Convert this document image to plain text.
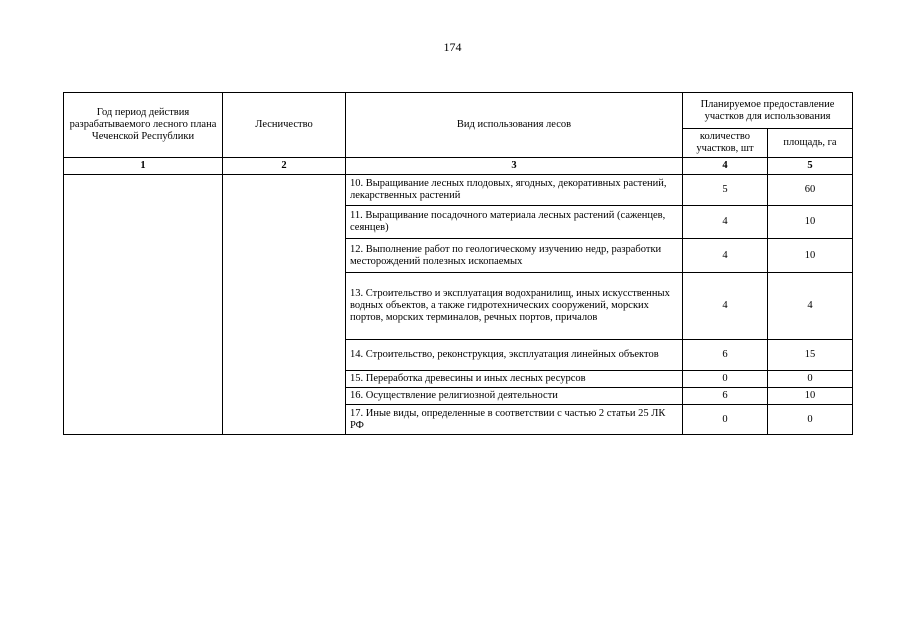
174
Год период действия разрабатываемого лесного плана Чеченской Республики	Лесничество	Вид использования лесов	Планируемое предоставление участков для использования	
			количество участков, шт	площадь, га
1	2	3	4	5
		10. Выращивание лесных плодовых, ягодных, декоративных растений, лекарственных растений	5	60
		11. Выращивание посадочного материала лесных растений (саженцев, сеянцев)	4	10
		12. Выполнение работ по геологическому изучению недр, разработки месторождений полезных ископаемых	4	10
		13. Строительство и эксплуатация водохранилищ, иных искусственных водных объектов, а также гидротехнических сооружений, морских портов, морских терминалов, речных портов, причалов	4	4
		14. Строительство, реконструкция, эксплуатация линейных объектов	6	15
		15. Переработка древесины и иных лесных ресурсов	0	0
		16. Осуществление религиозной деятельности	6	10
		17. Иные виды, определенные в соответствии с частью 2 статьи 25 ЛК РФ	0	0
